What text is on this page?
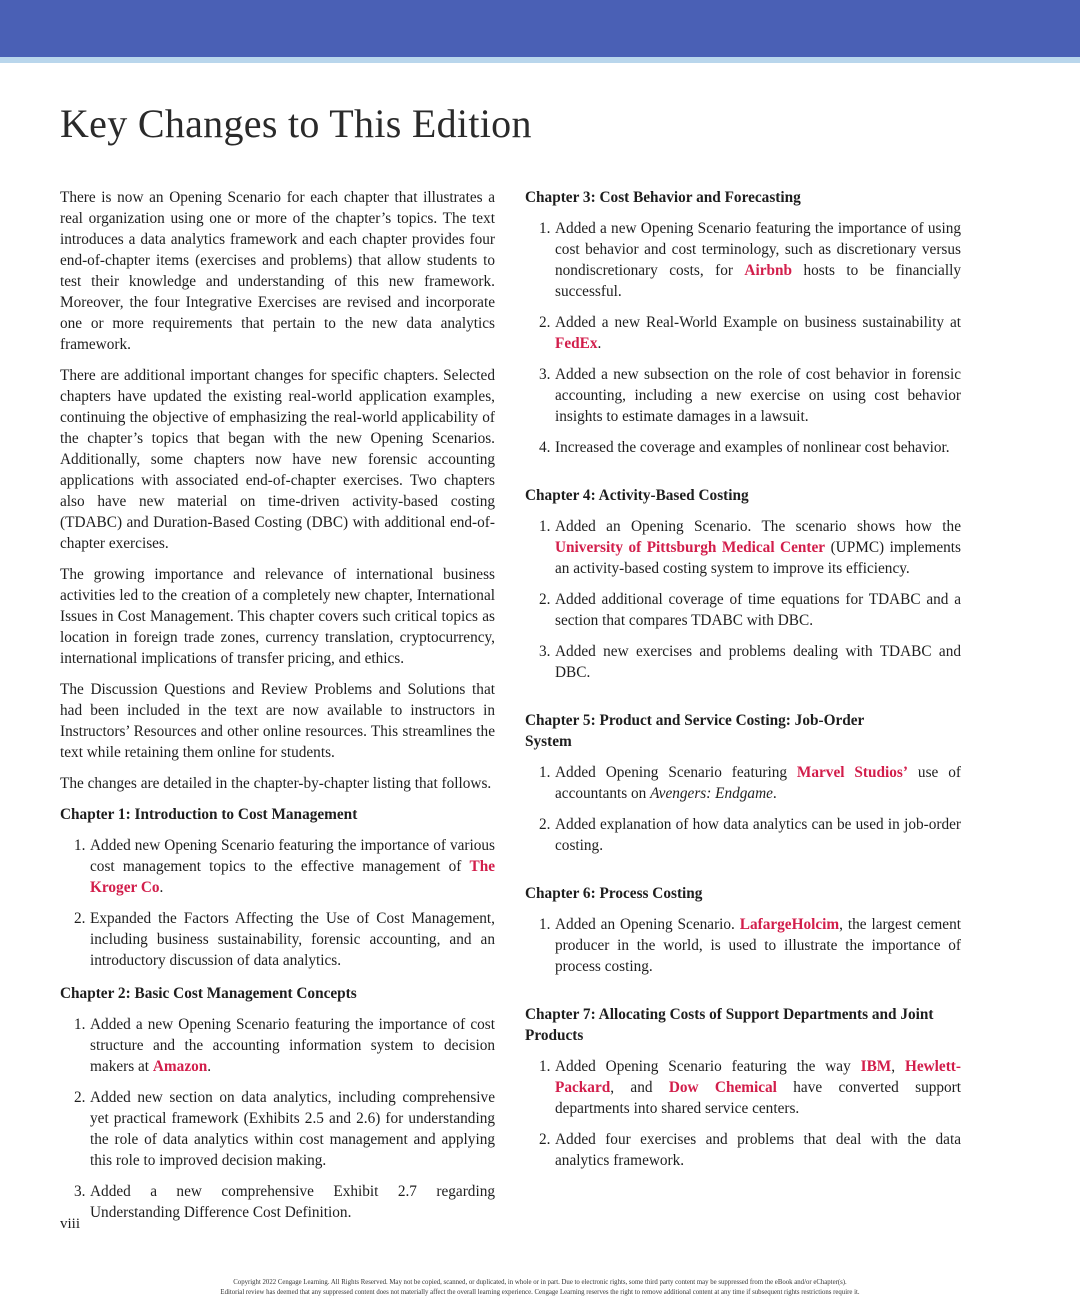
Key Changes to This Edition

There is now an Opening Scenario for each chapter that illustrates a real organization using one or more of the chapter’s topics. The text introduces a data analytics framework and each chapter provides four end-of-chapter items (exercises and problems) that allow students to test their knowledge and understanding of this new framework. Moreover, the four Integrative Exercises are revised and incorporate one or more requirements that pertain to the new data analytics framework.

There are additional important changes for specific chapters. Selected chapters have updated the existing real-world application examples, continuing the objective of emphasizing the real-world applicability of the chapter’s topics that began with the new Opening Scenarios. Additionally, some chapters now have new forensic accounting applications with associated end-of-chapter exercises. Two chapters also have new material on time-driven activity-based costing (TDABC) and Duration-Based Costing (DBC) with additional end-of-chapter exercises.

The growing importance and relevance of international business activities led to the creation of a completely new chapter, International Issues in Cost Management. This chapter covers such critical topics as location in foreign trade zones, currency translation, cryptocurrency, international implications of transfer pricing, and ethics.

The Discussion Questions and Review Problems and Solutions that had been included in the text are now available to instructors in Instructors’ Resources and other online resources. This streamlines the text while retaining them online for students.

The changes are detailed in the chapter-by-chapter listing that follows.

Chapter 1: Introduction to Cost Management
1. Added new Opening Scenario featuring the importance of various cost management topics to the effective management of The Kroger Co.
2. Expanded the Factors Affecting the Use of Cost Management, including business sustainability, forensic accounting, and an introductory discussion of data analytics.
Chapter 2: Basic Cost Management Concepts
1. Added a new Opening Scenario featuring the importance of cost structure and the accounting information system to decision makers at Amazon.
2. Added new section on data analytics, including comprehensive yet practical framework (Exhibits 2.5 and 2.6) for understanding the role of data analytics within cost management and applying this role to improved decision making.
3. Added a new comprehensive Exhibit 2.7 regarding Understanding Difference Cost Definition.
Chapter 3: Cost Behavior and Forecasting
1. Added a new Opening Scenario featuring the importance of using cost behavior and cost terminology, such as discretionary versus nondiscretionary costs, for Airbnb hosts to be financially successful.
2. Added a new Real-World Example on business sustainability at FedEx.
3. Added a new subsection on the role of cost behavior in forensic accounting, including a new exercise on using cost behavior insights to estimate damages in a lawsuit.
4. Increased the coverage and examples of nonlinear cost behavior.
Chapter 4: Activity-Based Costing
1. Added an Opening Scenario. The scenario shows how the University of Pittsburgh Medical Center (UPMC) implements an activity-based costing system to improve its efficiency.
2. Added additional coverage of time equations for TDABC and a section that compares TDABC with DBC.
3. Added new exercises and problems dealing with TDABC and DBC.
Chapter 5: Product and Service Costing: Job-Order System
1. Added Opening Scenario featuring Marvel Studios’ use of accountants on Avengers: Endgame.
2. Added explanation of how data analytics can be used in job-order costing.
Chapter 6: Process Costing
1. Added an Opening Scenario. LafargeHolcim, the largest cement producer in the world, is used to illustrate the importance of process costing.
Chapter 7: Allocating Costs of Support Departments and Joint Products
1. Added Opening Scenario featuring the way IBM, Hewlett-Packard, and Dow Chemical have converted support departments into shared service centers.
2. Added four exercises and problems that deal with the data analytics framework.
viii
Copyright 2022 Cengage Learning. All Rights Reserved. May not be copied, scanned, or duplicated, in whole or in part. Due to electronic rights, some third party content may be suppressed from the eBook and/or eChapter(s).
Editorial review has deemed that any suppressed content does not materially affect the overall learning experience. Cengage Learning reserves the right to remove additional content at any time if subsequent rights restrictions require it.
